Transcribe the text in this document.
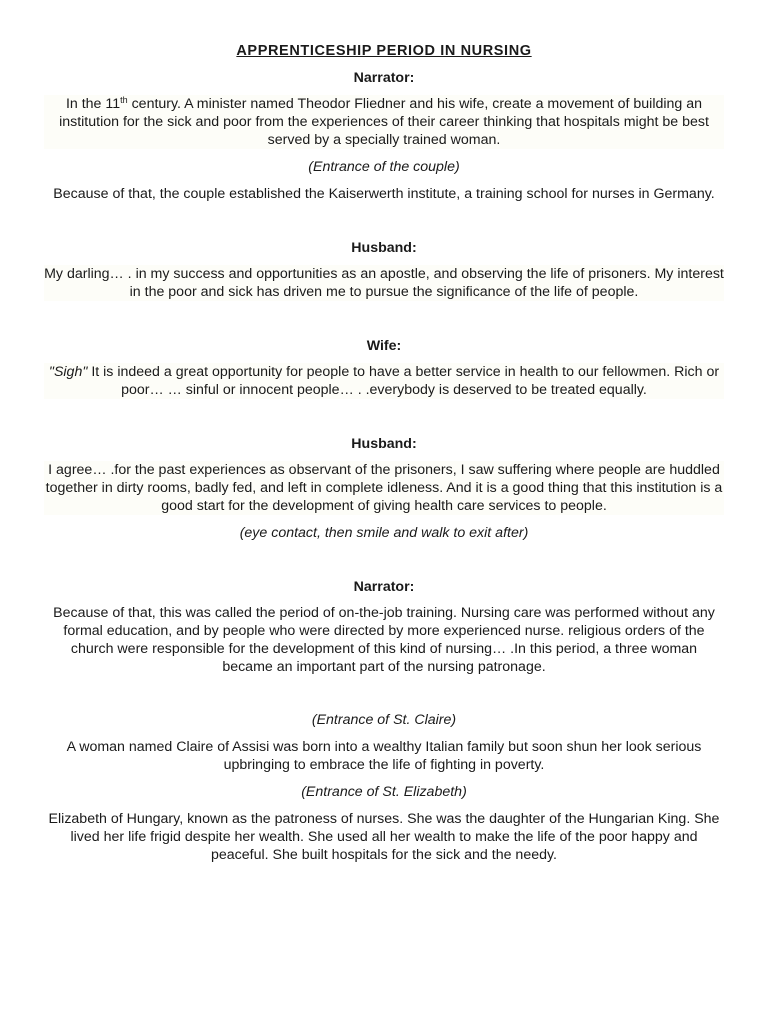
APPRENTICESHIP PERIOD IN NURSING
Narrator:

In the 11th century. A minister named Theodor Fliedner and his wife, create a movement of building an institution for the sick and poor from the experiences of their career thinking that hospitals might be best served by a specially trained woman.

(Entrance of the couple)

Because of that, the couple established the Kaiserwerth institute, a training school for nurses in Germany.

Husband:

My darling… . in my success and opportunities as an apostle, and observing the life of prisoners. My interest in the poor and sick has driven me to pursue the significance of the life of people.

Wife:

"Sigh" It is indeed a great opportunity for people to have a better service in health to our fellowmen. Rich or poor… … sinful or innocent people… . .everybody is deserved to be treated equally.

Husband:

I agree… .for the past experiences as observant of the prisoners, I saw suffering where people are huddled together in dirty rooms, badly fed, and left in complete idleness. And it is a good thing that this institution is a good start for the development of giving health care services to people.

(eye contact, then smile and walk to exit after)

Narrator:

Because of that, this was called the period of on-the-job training. Nursing care was performed without any formal education, and by people who were directed by more experienced nurse. religious orders of the church were responsible for the development of this kind of nursing… .In this period, a three woman became an important part of the nursing patronage.

(Entrance of St. Claire)

A woman named Claire of Assisi was born into a wealthy Italian family but soon shun her look serious upbringing to embrace the life of fighting in poverty.

(Entrance of St. Elizabeth)

Elizabeth of Hungary, known as the patroness of nurses. She was the daughter of the Hungarian King. She lived her life frigid despite her wealth. She used all her wealth to make the life of the poor happy and peaceful. She built hospitals for the sick and the needy.
